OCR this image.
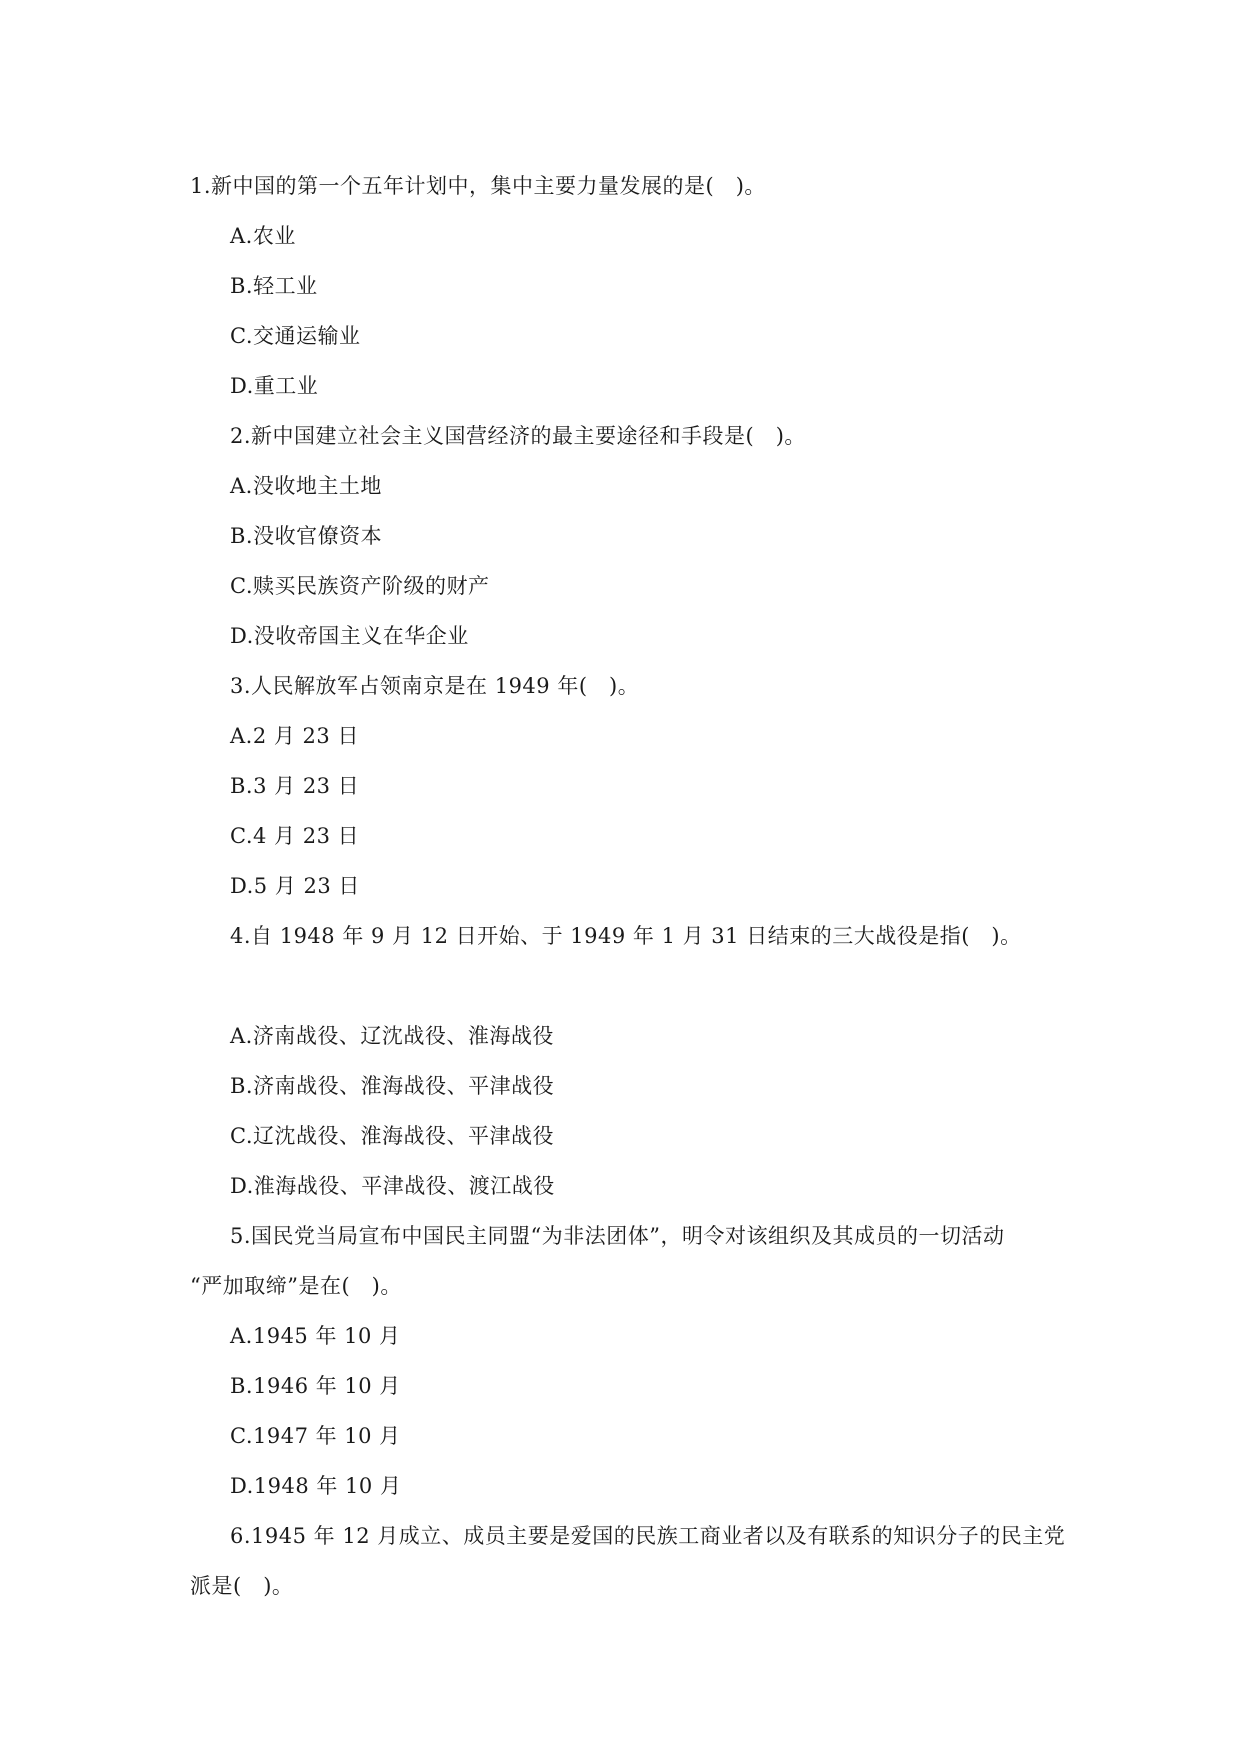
1.新中国的第一个五年计划中，集中主要力量发展的是(　)。
A.农业
B.轻工业
C.交通运输业
D.重工业
2.新中国建立社会主义国营经济的最主要途径和手段是(　)。
A.没收地主土地
B.没收官僚资本
C.赎买民族资产阶级的财产
D.没收帝国主义在华企业
3.人民解放军占领南京是在 1949 年(　)。
A.2 月 23 日
B.3 月 23 日
C.4 月 23 日
D.5 月 23 日
4.自 1948 年 9 月 12 日开始、于 1949 年 1 月 31 日结束的三大战役是指(　)。
A.济南战役、辽沈战役、淮海战役
B.济南战役、淮海战役、平津战役
C.辽沈战役、淮海战役、平津战役
D.淮海战役、平津战役、渡江战役
5.国民党当局宣布中国民主同盟“为非法团体”，明令对该组织及其成员的一切活动
“严加取缔”是在(　)。
A.1945 年 10 月
B.1946 年 10 月
C.1947 年 10 月
D.1948 年 10 月
6.1945 年 12 月成立、成员主要是爱国的民族工商业者以及有联系的知识分子的民主党
派是(　)。
